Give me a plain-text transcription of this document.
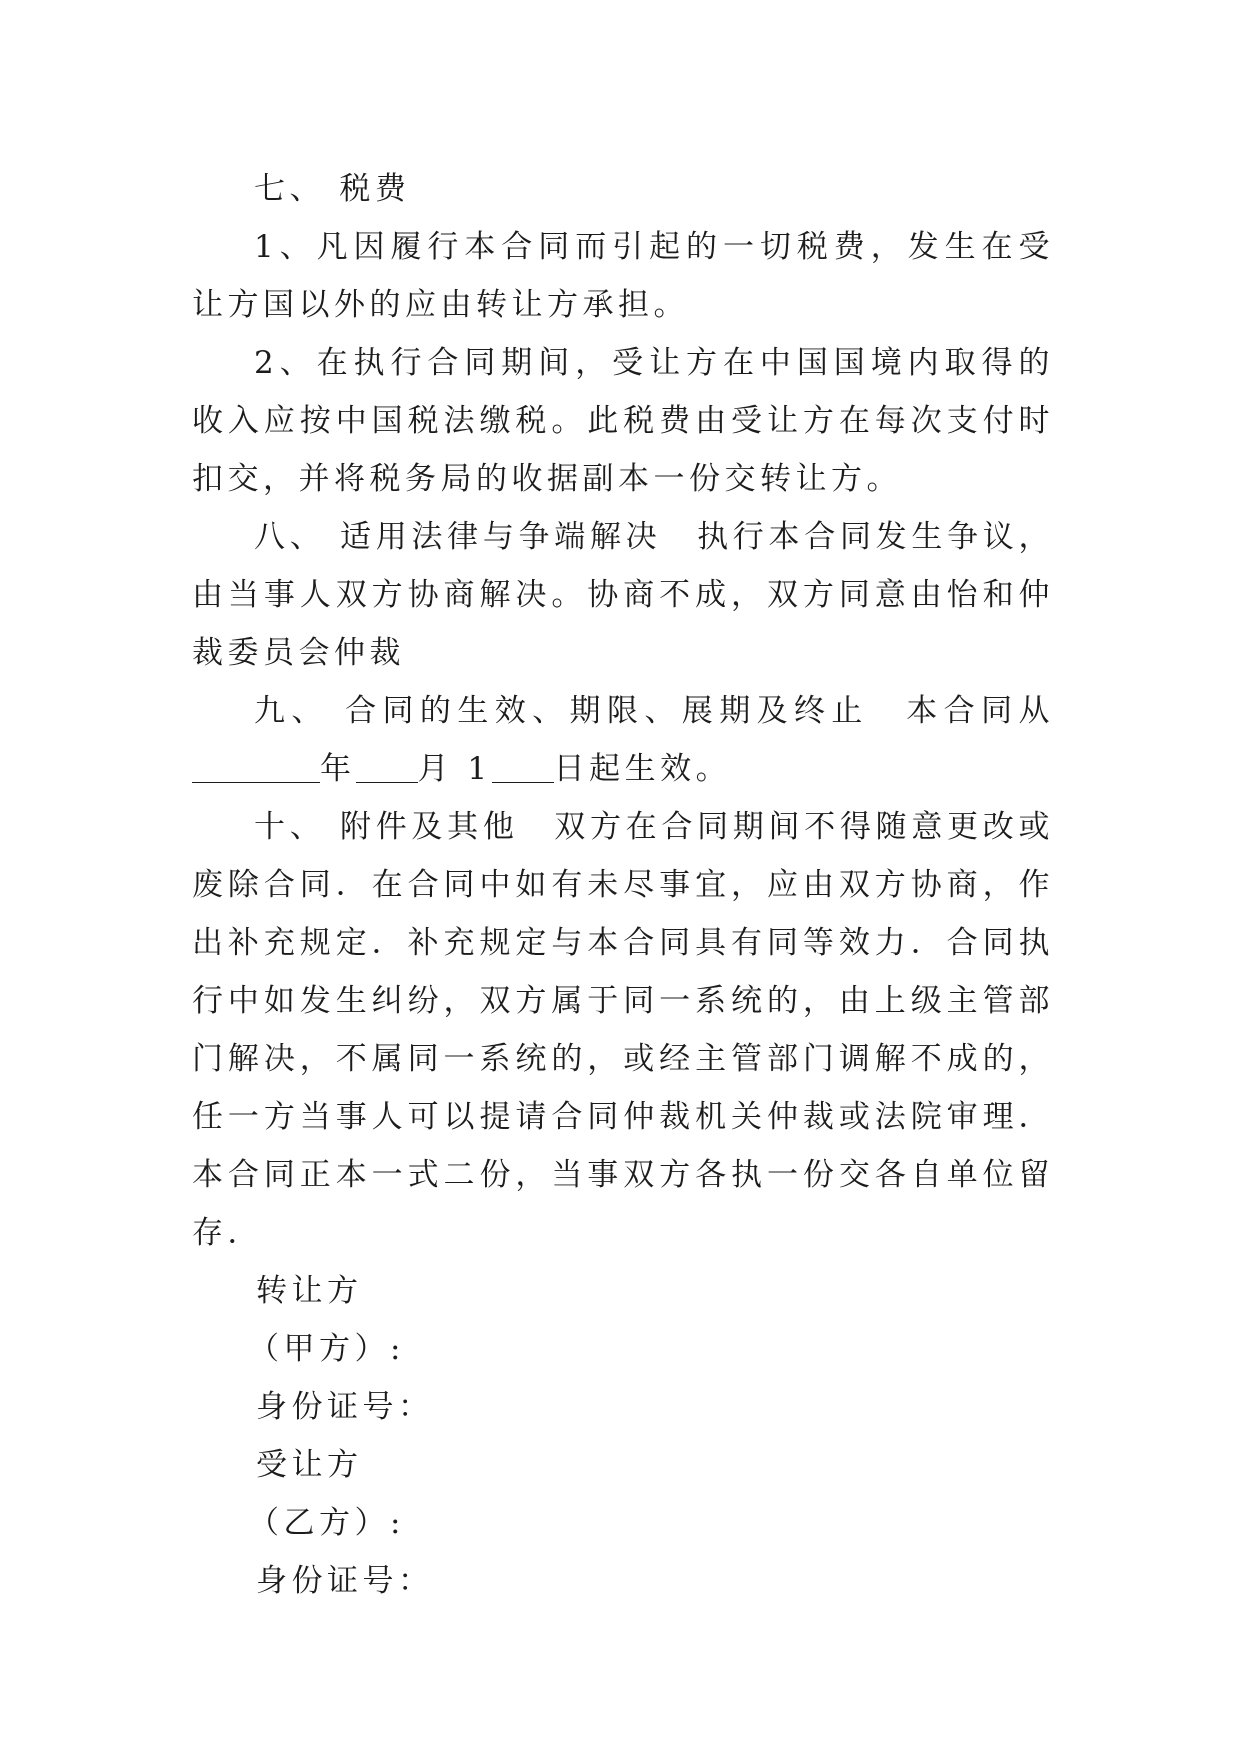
七、 税费

1、凡因履行本合同而引起的一切税费，发生在受让方国以外的应由转让方承担。

2、在执行合同期间，受让方在中国国境内取得的收入应按中国税法缴税。此税费由受让方在每次支付时扣交，并将税务局的收据副本一份交转让方。

八、 适用法律与争端解决　执行本合同发生争议，由当事人双方协商解决。协商不成，双方同意由怡和仲裁委员会仲裁

九、 合同的生效、期限、展期及终止　本合同从年 月 1 日起生效。

十、 附件及其他　双方在合同期间不得随意更改或废除合同．在合同中如有未尽事宜，应由双方协商，作出补充规定．补充规定与本合同具有同等效力．合同执行中如发生纠纷，双方属于同一系统的，由上级主管部门解决，不属同一系统的，或经主管部门调解不成的，任一方当事人可以提请合同仲裁机关仲裁或法院审理． 本合同正本一式二份，当事双方各执一份交各自单位留存．

转让方

（甲方）:

身份证号：

受让方

（乙方）:

身份证号：
